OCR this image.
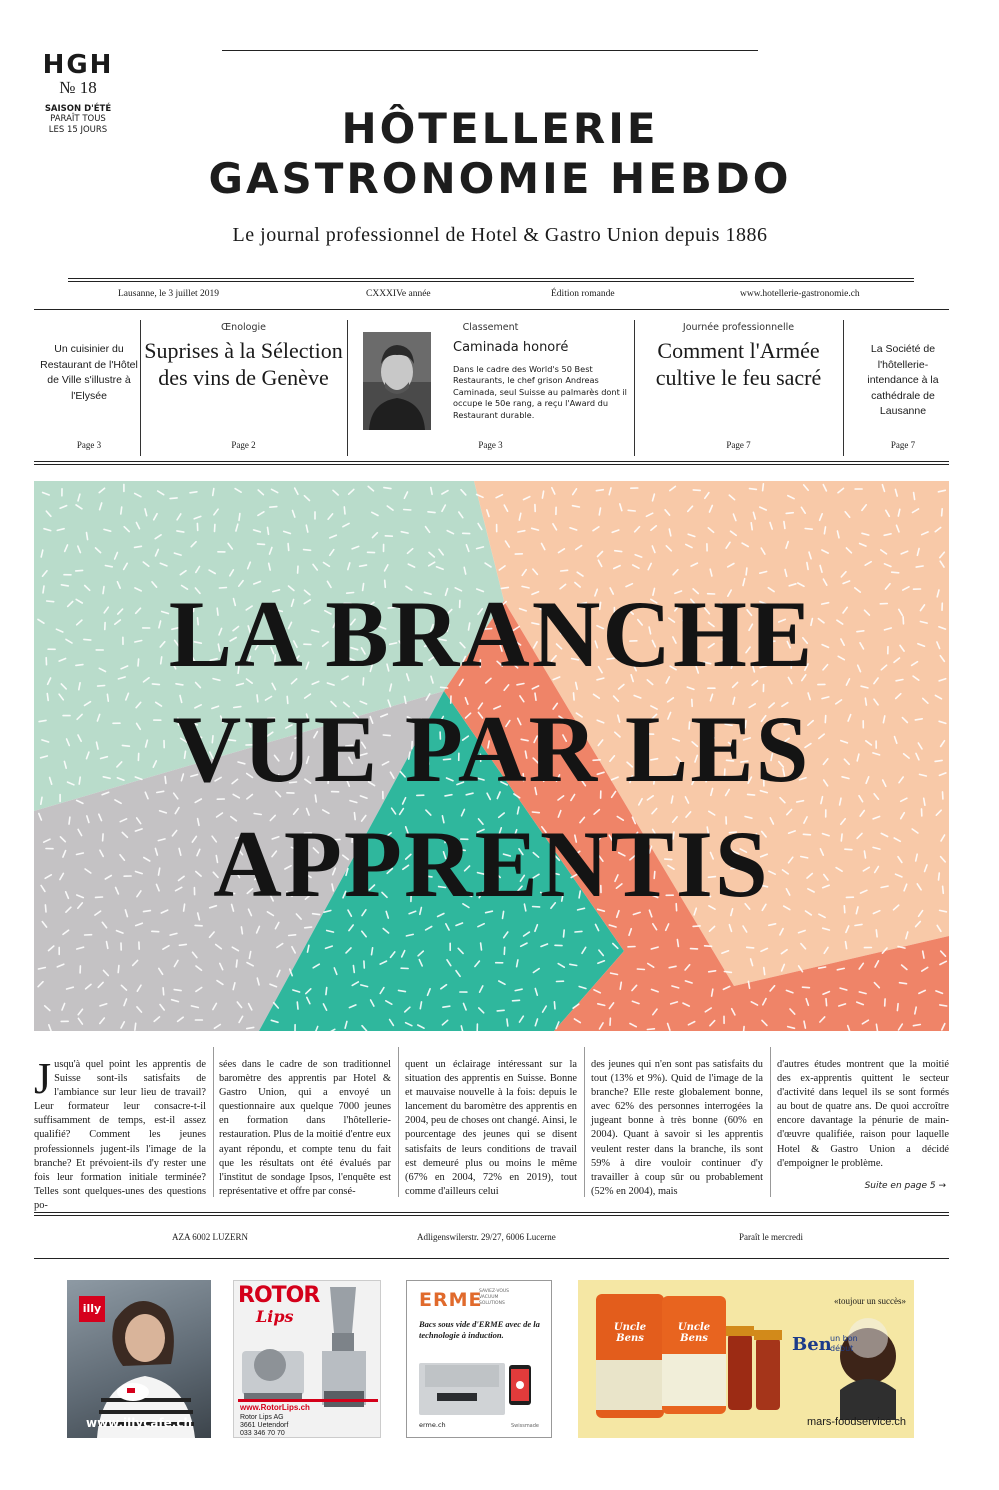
HGH
№ 18
SAISON D'ÉTÉ
PARAÎT TOUS
LES 15 JOURS	HÔTELLERIE
GASTRONOMIE HEBDO
Le journal professionnel de Hotel & Gastro Union depuis 1886
Lausanne, le 3 juillet 2019	CXXXIVe année	Édition romande	www.hotellerie-gastronomie.ch
Un cuisinier du Restaurant de l'Hôtel de Ville s'illustre à l'Elysée
Page 3
Œnologie
Suprises à la Sélection des vins de Genève
Page 2
Classement
Caminada honoré
Dans le cadre des World's 50 Best Restaurants, le chef grison Andreas Caminada, seul Suisse au palmarès dont il occupe le 50e rang, a reçu l'Award du Restaurant durable.
Page 3
Journée professionnelle
Comment l'Armée cultive le feu sacré
Page 7
La Société de l'hôtellerie-intendance à la cathédrale de Lausanne
Page 7
LA BRANCHE
VUE PAR LES
APPRENTIS
J usqu'à quel point les apprentis de Suisse sont-ils satisfaits de l'ambiance sur leur lieu de travail? Leur formateur leur consacre-t-il suffisamment de temps, est-il assez qualifié? Comment les jeunes professionnels jugent-ils l'image de la branche? Et prévoient-ils d'y rester une fois leur formation initiale terminée? Telles sont quelques-unes des questions po-
sées dans le cadre de son traditionnel baromètre des apprentis par Hotel & Gastro Union, qui a envoyé un questionnaire aux quelque 7000 jeunes en formation dans l'hôtellerie-restauration. Plus de la moitié d'entre eux ayant répondu, et compte tenu du fait que les résultats ont été évalués par l'institut de sondage Ipsos, l'enquête est représentative et offre par consé-
quent un éclairage intéressant sur la situation des apprentis en Suisse. Bonne et mauvaise nouvelle à la fois: depuis le lancement du baromètre des apprentis en 2004, peu de choses ont changé. Ainsi, le pourcentage des jeunes qui se disent satisfaits de leurs conditions de travail est demeuré plus ou moins le même (67% en 2004, 72% en 2019), tout comme d'ailleurs celui
des jeunes qui n'en sont pas satisfaits du tout (13% et 9%). Quid de l'image de la branche? Elle reste globalement bonne, avec 62% des personnes interrogées la jugeant bonne à très bonne (60% en 2004). Quant à savoir si les apprentis veulent rester dans la branche, ils sont 59% à dire vouloir continuer d'y travailler à coup sûr ou probablement (52% en 2004), mais
d'autres études montrent que la moitié des ex-apprentis quittent le secteur d'activité dans lequel ils se sont formés au bout de quatre ans. De quoi accroître encore davantage la pénurie de main-d'œuvre qualifiée, raison pour laquelle Hotel & Gastro Union a décidé d'empoigner le problème.
Suite en page 5 →
AZA 6002 LUZERN	Adligenswilerstr. 29/27, 6006 Lucerne	Paraît le mercredi
illy
www.illycafe.ch
ROTOR
Lips
www.RotorLips.ch
Rotor Lips AG
3661 Uetendorf
033 346 70 70
ERME
SAVIEZ-VOUS
VACUUM
SOLUTIONS
Bacs sous vide d'ERME avec de la technologie à induction.
erme.ch	Swissmade
Uncle Bens
Uncle Bens
«toujour un succès»
Ben
un bon
début
mars-foodservice.ch
